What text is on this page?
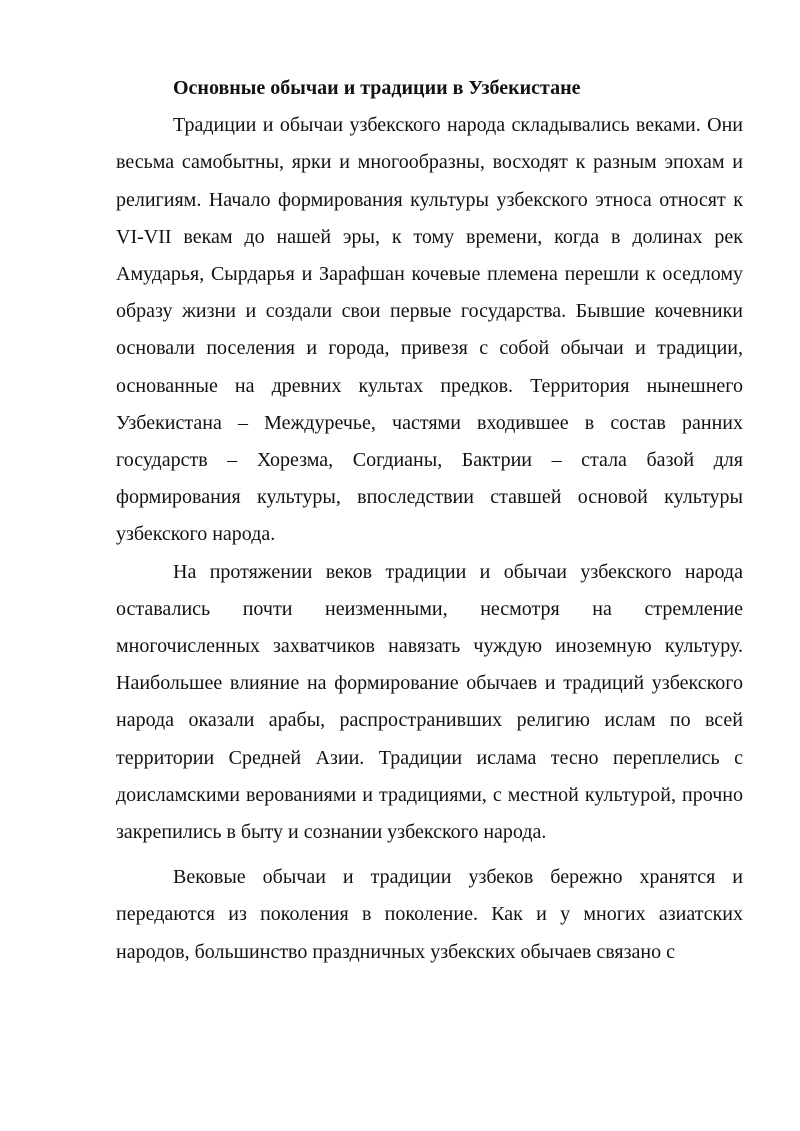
Основные обычаи и традиции в Узбекистане

Традиции и обычаи узбекского народа складывались веками. Они весьма самобытны, ярки и многообразны, восходят к разным эпохам и религиям. Начало формирования культуры узбекского этноса относят к VI-VII векам до нашей эры, к тому времени, когда в долинах рек Амударья, Сырдарья и Зарафшан кочевые племена перешли к оседлому образу жизни и создали свои первые государства. Бывшие кочевники основали поселения и города, привезя с собой обычаи и традиции, основанные на древних культах предков. Территория нынешнего Узбекистана – Междуречье, частями входившее в состав ранних государств – Хорезма, Согдианы, Бактрии – стала базой для формирования культуры, впоследствии ставшей основой культуры узбекского народа.

На протяжении веков традиции и обычаи узбекского народа оставались почти неизменными, несмотря на стремление многочисленных захватчиков навязать чуждую иноземную культуру. Наибольшее влияние на формирование обычаев и традиций узбекского народа оказали арабы, распространивших религию ислам по всей территории Средней Азии. Традиции ислама тесно переплелись с доисламскими верованиями и традициями, с местной культурой, прочно закрепились в быту и сознании узбекского народа.

Вековые обычаи и традиции узбеков бережно хранятся и передаются из поколения в поколение. Как и у многих азиатских народов, большинство праздничных узбекских обычаев связано с
